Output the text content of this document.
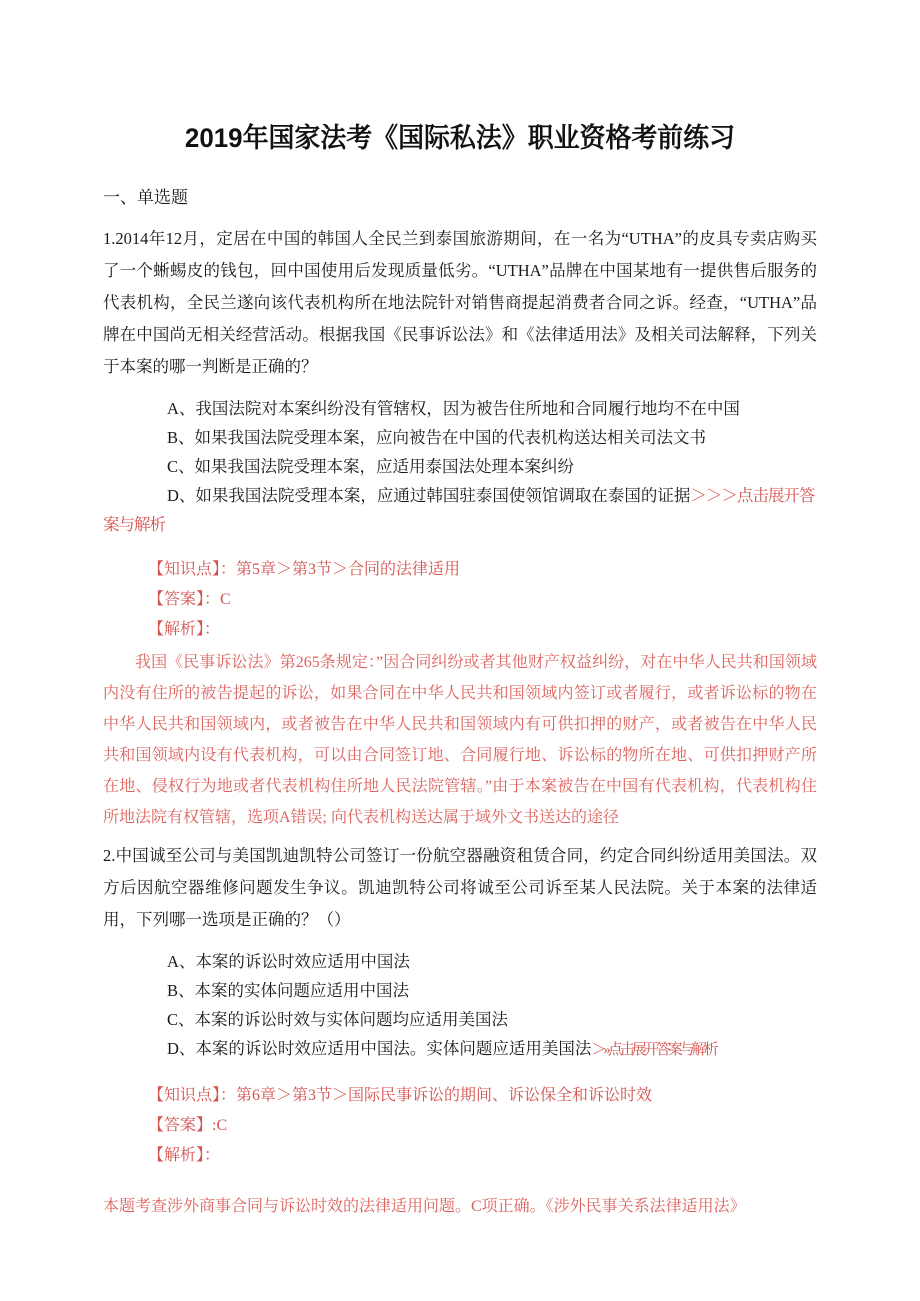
2019年国家法考《国际私法》职业资格考前练习
一、单选题

1.2014年12月，定居在中国的韩国人全民兰到泰国旅游期间，在一名为“UTHA”的皮具专卖店购买了一个蜥蜴皮的钱包，回中国使用后发现质量低劣。“UTHA”品牌在中国某地有一提供售后服务的代表机构，全民兰遂向该代表机构所在地法院针对销售商提起消费者合同之诉。经查，“UTHA”品牌在中国尚无相关经营活动。根据我国《民事诉讼法》和《法律适用法》及相关司法解释，下列关于本案的哪一判断是正确的？

A、我国法院对本案纠纷没有管辖权，因为被告住所地和合同履行地均不在中国
B、如果我国法院受理本案，应向被告在中国的代表机构送达相关司法文书
C、如果我国法院受理本案，应适用泰国法处理本案纠纷
D、如果我国法院受理本案，应通过韩国驻泰国使领馆调取在泰国的证据＞＞＞点击展开答案与解析
【知识点】：第5章＞第3节＞合同的法律适用
【答案】：C
【解析】：

我国《民事诉讼法》第265条规定：”因合同纠纷或者其他财产权益纠纷，对在中华人民共和国领域内没有住所的被告提起的诉讼，如果合同在中华人民共和国领域内签订或者履行，或者诉讼标的物在中华人民共和国领域内，或者被告在中华人民共和国领域内有可供扣押的财产，或者被告在中华人民共和国领域内设有代表机构，可以由合同签订地、合同履行地、诉讼标的物所在地、可供扣押财产所在地、侵权行为地或者代表机构住所地人民法院管辖。”由于本案被告在中国有代表机构，代表机构住所地法院有权管辖，选项A错误; 向代表机构送达属于域外文书送达的途径

2.中国诚至公司与美国凯迪凯特公司签订一份航空器融资租赁合同，约定合同纠纷适用美国法。双方后因航空器维修问题发生争议。凯迪凯特公司将诚至公司诉至某人民法院。关于本案的法律适用，下列哪一选项是正确的？（）

A、本案的诉讼时效应适用中国法
B、本案的实体问题应适用中国法
C、本案的诉讼时效与实体问题均应适用美国法
D、本案的诉讼时效应适用中国法。实体问题应适用美国法＞»点击展开答案与解析
【知识点】：第6章＞第3节＞国际民事诉讼的期间、诉讼保全和诉讼时效
【答案】:C
【解析】：

本题考查涉外商事合同与诉讼时效的法律适用问题。C项正确。《涉外民事关系法律适用法》
